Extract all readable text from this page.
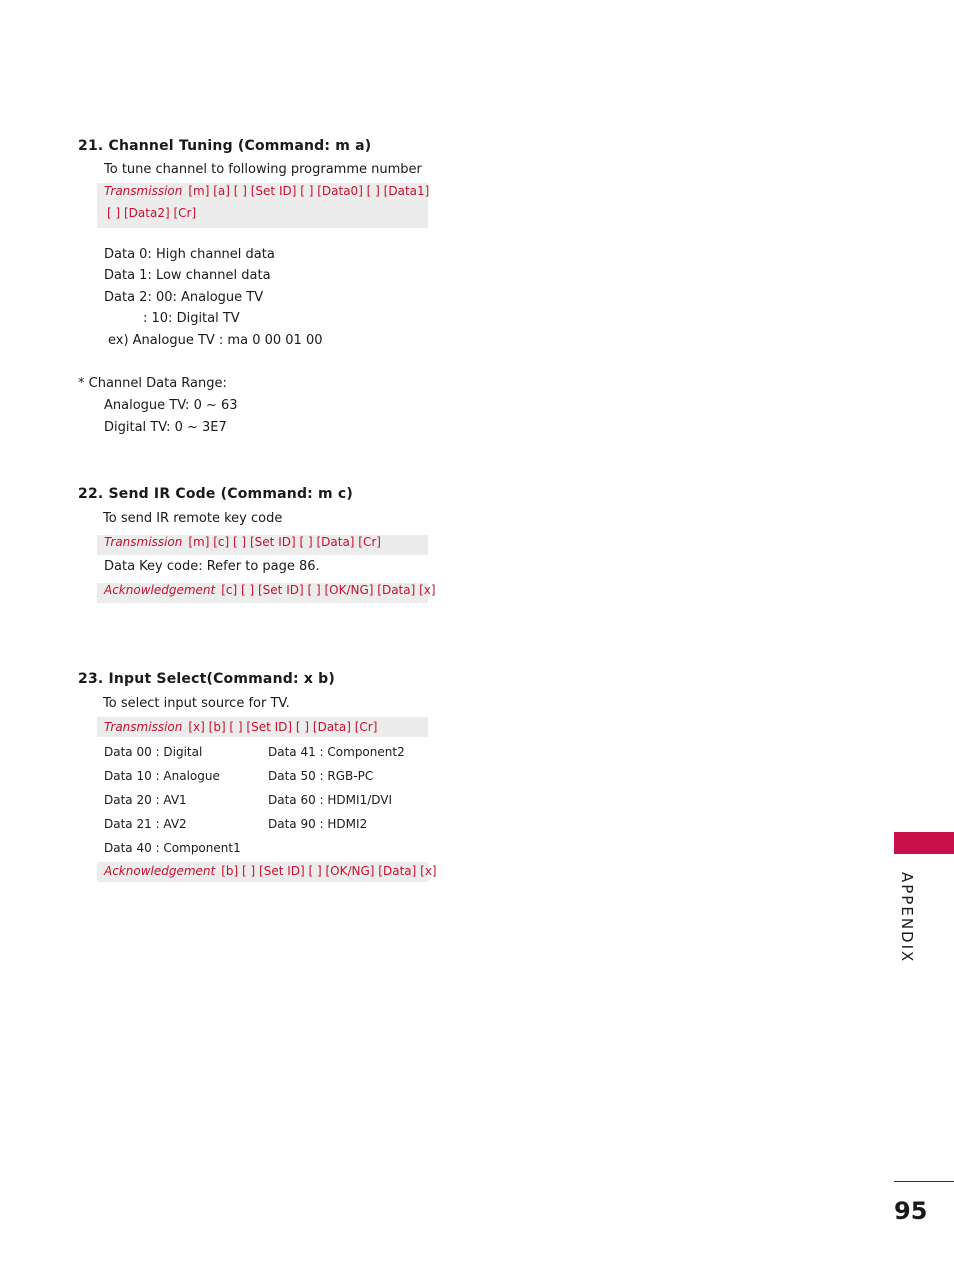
21. Channel Tuning (Command: m a)
To tune channel to following programme number
Transmission [m] [a] [ ] [Set ID] [ ] [Data0] [ ] [Data1]
[ ] [Data2] [Cr]
Data 0: High channel data
Data 1: Low channel data
Data 2: 00: Analogue TV
: 10: Digital TV
ex) Analogue TV : ma 0 00 01 00
* Channel Data Range:
Analogue TV: 0 ~ 63
Digital TV: 0 ~ 3E7
22. Send IR Code (Command: m c)
To send IR remote key code
Transmission [m] [c] [ ] [Set ID] [ ] [Data] [Cr]
Data Key code: Refer to page 86.
Acknowledgement [c] [ ] [Set ID] [ ] [OK/NG] [Data] [x]
23. Input Select(Command: x b)
To select input source for TV.
Transmission [x] [b] [ ] [Set ID] [ ] [Data] [Cr]
Data 00 : Digital
Data 10 : Analogue
Data 20 : AV1
Data 21 : AV2
Data 40 : Component1
Data 41 : Component2
Data 50 : RGB-PC
Data 60 : HDMI1/DVI
Data 90 : HDMI2
Acknowledgement [b] [ ] [Set ID] [ ] [OK/NG] [Data] [x]
APPENDIX
95
